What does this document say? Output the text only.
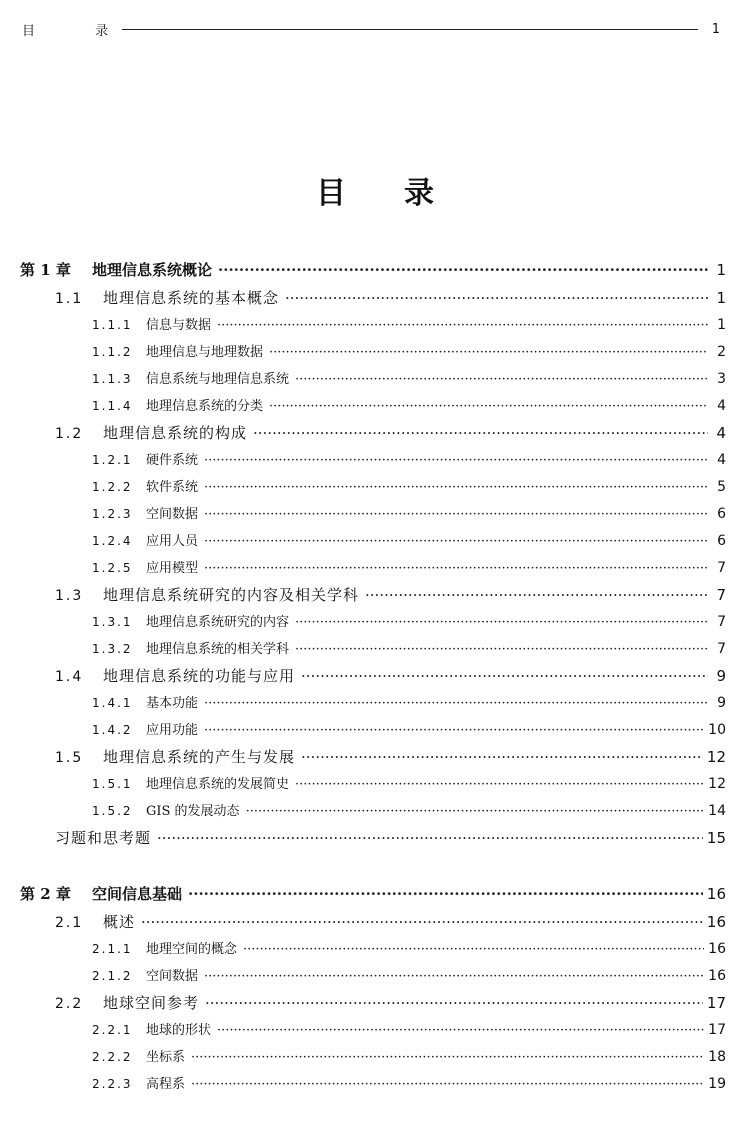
目 录	1
目录
第 1 章	地理信息系统概论 ·····	1
1.1	地理信息系统的基本概念 ·····	1
1.1.1	信息与数据 ·····	1
1.1.2	地理信息与地理数据 ·····	2
1.1.3	信息系统与地理信息系统 ·····	3
1.1.4	地理信息系统的分类 ·····	4
1.2	地理信息系统的构成 ·····	4
1.2.1	硬件系统 ·····	4
1.2.2	软件系统 ·····	5
1.2.3	空间数据 ·····	6
1.2.4	应用人员 ·····	6
1.2.5	应用模型 ·····	7
1.3	地理信息系统研究的内容及相关学科 ·····	7
1.3.1	地理信息系统研究的内容 ·····	7
1.3.2	地理信息系统的相关学科 ·····	7
1.4	地理信息系统的功能与应用 ·····	9
1.4.1	基本功能 ·····	9
1.4.2	应用功能 ·····	10
1.5	地理信息系统的产生与发展 ·····	12
1.5.1	地理信息系统的发展简史 ·····	12
1.5.2	GIS 的发展动态 ·····	14
习题和思考题 ·····	15
第 2 章	空间信息基础 ·····	16
2.1	概述 ·····	16
2.1.1	地理空间的概念 ·····	16
2.1.2	空间数据 ·····	16
2.2	地球空间参考 ·····	17
2.2.1	地球的形状 ·····	17
2.2.2	坐标系 ·····	18
2.2.3	高程系 ·····	19
